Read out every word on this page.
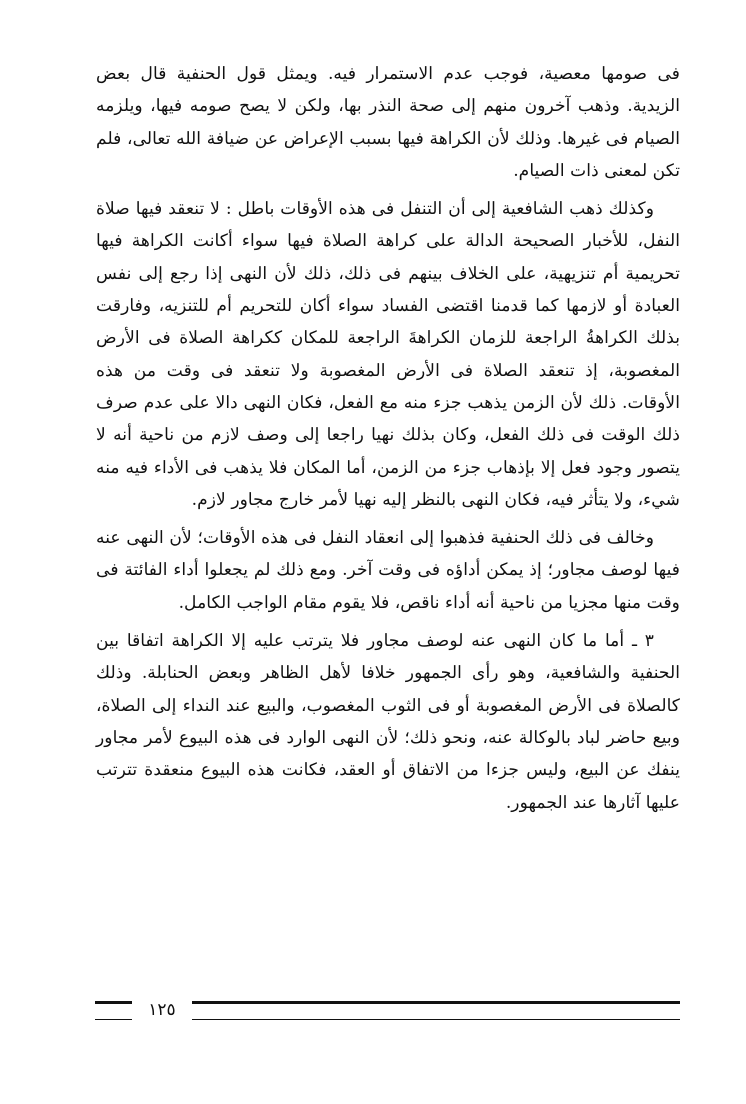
فى صومها معصية، فوجب عدم الاستمرار فيه. ويمثل قول الحنفية قال بعض الزيدية. وذهب آخرون منهم إلى صحة النذر بها، ولكن لا يصح صومه فيها، ويلزمه الصيام فى غيرها. وذلك لأن الكراهة فيها بسبب الإعراض عن ضيافة الله تعالى، فلم تكن لمعنى ذات الصيام.

وكذلك ذهب الشافعية إلى أن التنفل فى هذه الأوقات باطل : لا تنعقد فيها صلاة النفل، للأخبار الصحيحة الدالة على كراهة الصلاة فيها سواء أكانت الكراهة فيها تحريمية أم تنزيهية، على الخلاف بينهم فى ذلك، ذلك لأن النهى إذا رجع إلى نفس العبادة أو لازمها كما قدمنا اقتضى الفساد سواء أكان للتحريم أم للتنزيه، وفارقت بذلك الكراهةُ الراجعة للزمان الكراهةَ الراجعة للمكان ككراهة الصلاة فى الأرض المغصوبة، إذ تنعقد الصلاة فى الأرض المغصوبة ولا تنعقد فى وقت من هذه الأوقات. ذلك لأن الزمن يذهب جزء منه مع الفعل، فكان النهى دالا على عدم صرف ذلك الوقت فى ذلك الفعل، وكان بذلك نهيا راجعا إلى وصف لازم من ناحية أنه لا يتصور وجود فعل إلا بإذهاب جزء من الزمن، أما المكان فلا يذهب فى الأداء فيه منه شيء، ولا يتأثر فيه، فكان النهى بالنظر إليه نهيا لأمر خارج مجاور لازم.

وخالف فى ذلك الحنفية فذهبوا إلى انعقاد النفل فى هذه الأوقات؛ لأن النهى عنه فيها لوصف مجاور؛ إذ يمكن أداؤه فى وقت آخر. ومع ذلك لم يجعلوا أداء الفائتة فى وقت منها مجزيا من ناحية أنه أداء ناقص، فلا يقوم مقام الواجب الكامل.

٣ ـ أما ما كان النهى عنه لوصف مجاور فلا يترتب عليه إلا الكراهة اتفاقا بين الحنفية والشافعية، وهو رأى الجمهور خلافا لأهل الظاهر وبعض الحنابلة. وذلك كالصلاة فى الأرض المغصوبة أو فى الثوب المغصوب، والبيع عند النداء إلى الصلاة، وبيع حاضر لباد بالوكالة عنه، ونحو ذلك؛ لأن النهى الوارد فى هذه البيوع لأمر مجاور ينفك عن البيع، وليس جزءا من الاتفاق أو العقد، فكانت هذه البيوع منعقدة تترتب عليها آثارها عند الجمهور.

١٢٥
